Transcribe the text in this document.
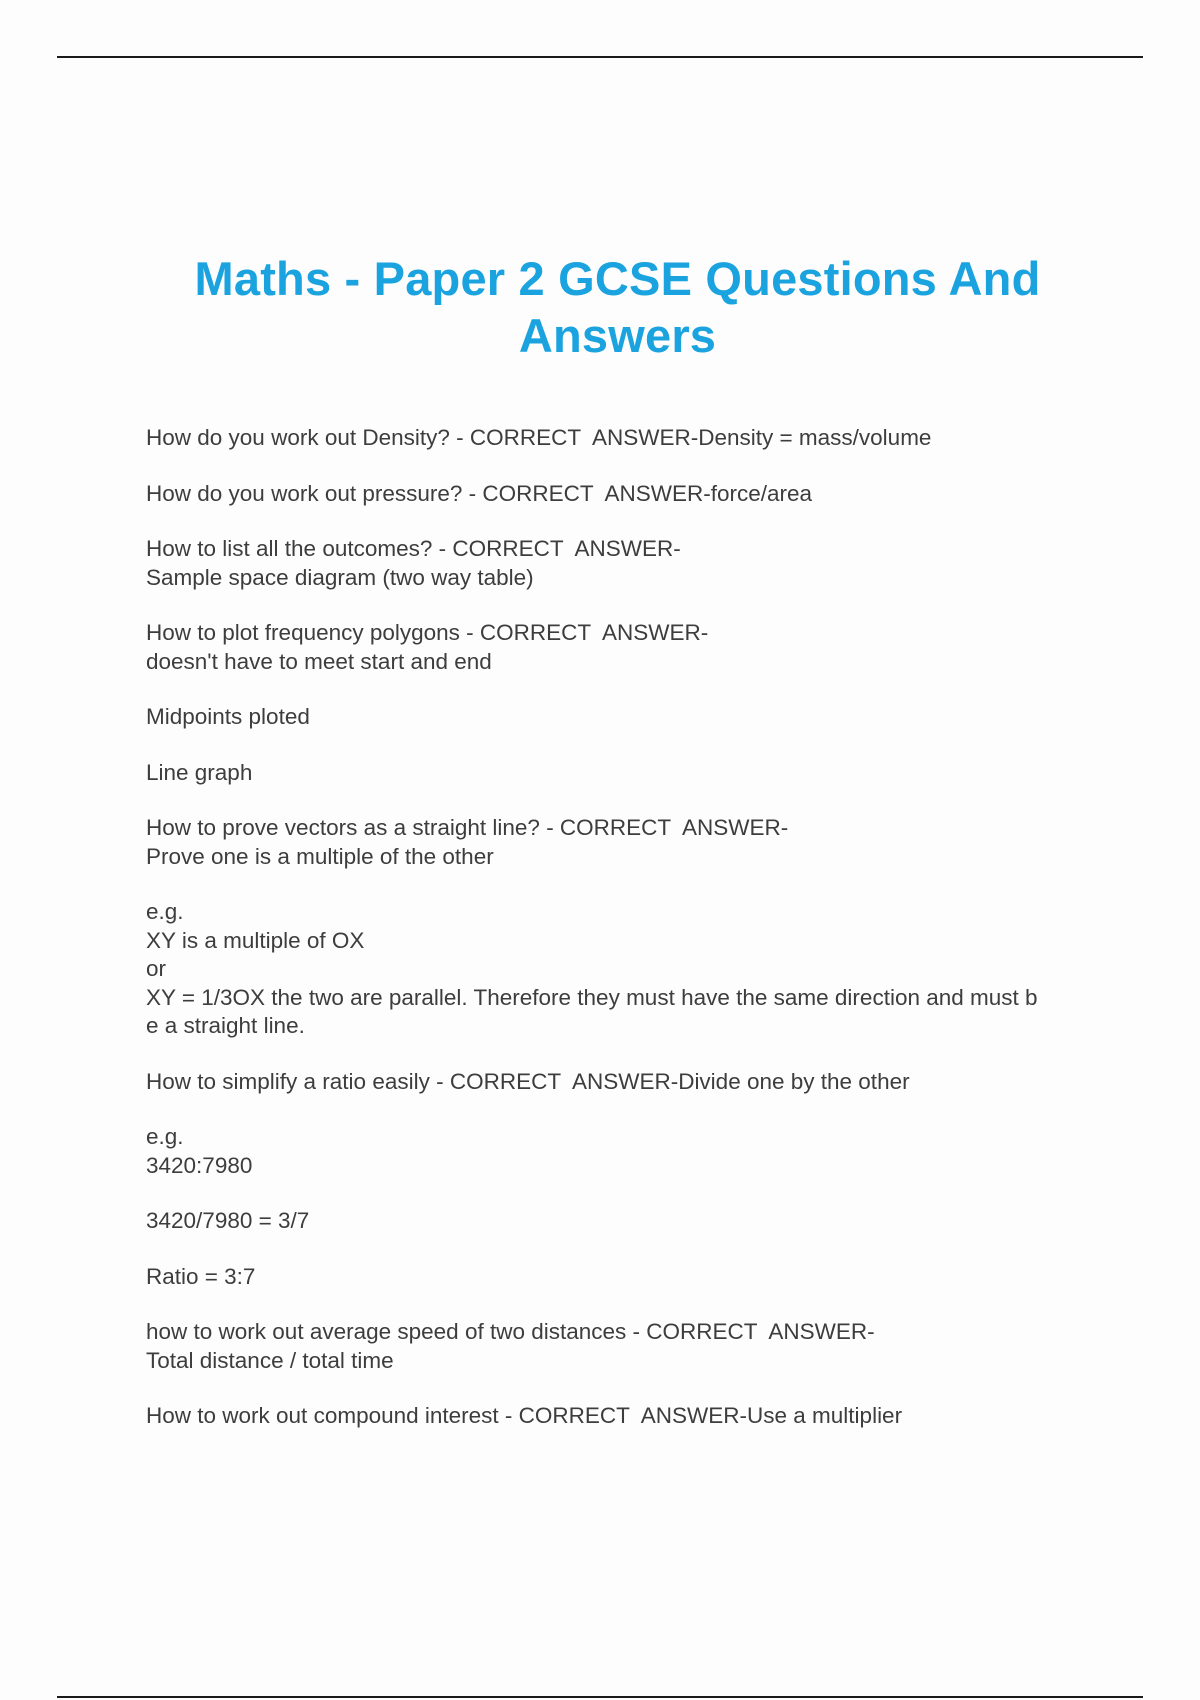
Maths - Paper 2 GCSE Questions And Answers
How do you work out Density? - CORRECT  ANSWER-Density = mass/volume
How do you work out pressure? - CORRECT  ANSWER-force/area
How to list all the outcomes? - CORRECT  ANSWER-
Sample space diagram (two way table)
How to plot frequency polygons - CORRECT  ANSWER-
doesn't have to meet start and end
Midpoints ploted
Line graph
How to prove vectors as a straight line? - CORRECT  ANSWER-
Prove one is a multiple of the other
e.g.
XY is a multiple of OX
or
XY = 1/3OX the two are parallel. Therefore they must have the same direction and must b
e a straight line.
How to simplify a ratio easily - CORRECT  ANSWER-Divide one by the other
e.g.
3420:7980
3420/7980 = 3/7
Ratio = 3:7
how to work out average speed of two distances - CORRECT  ANSWER-
Total distance / total time
How to work out compound interest - CORRECT  ANSWER-Use a multiplier
